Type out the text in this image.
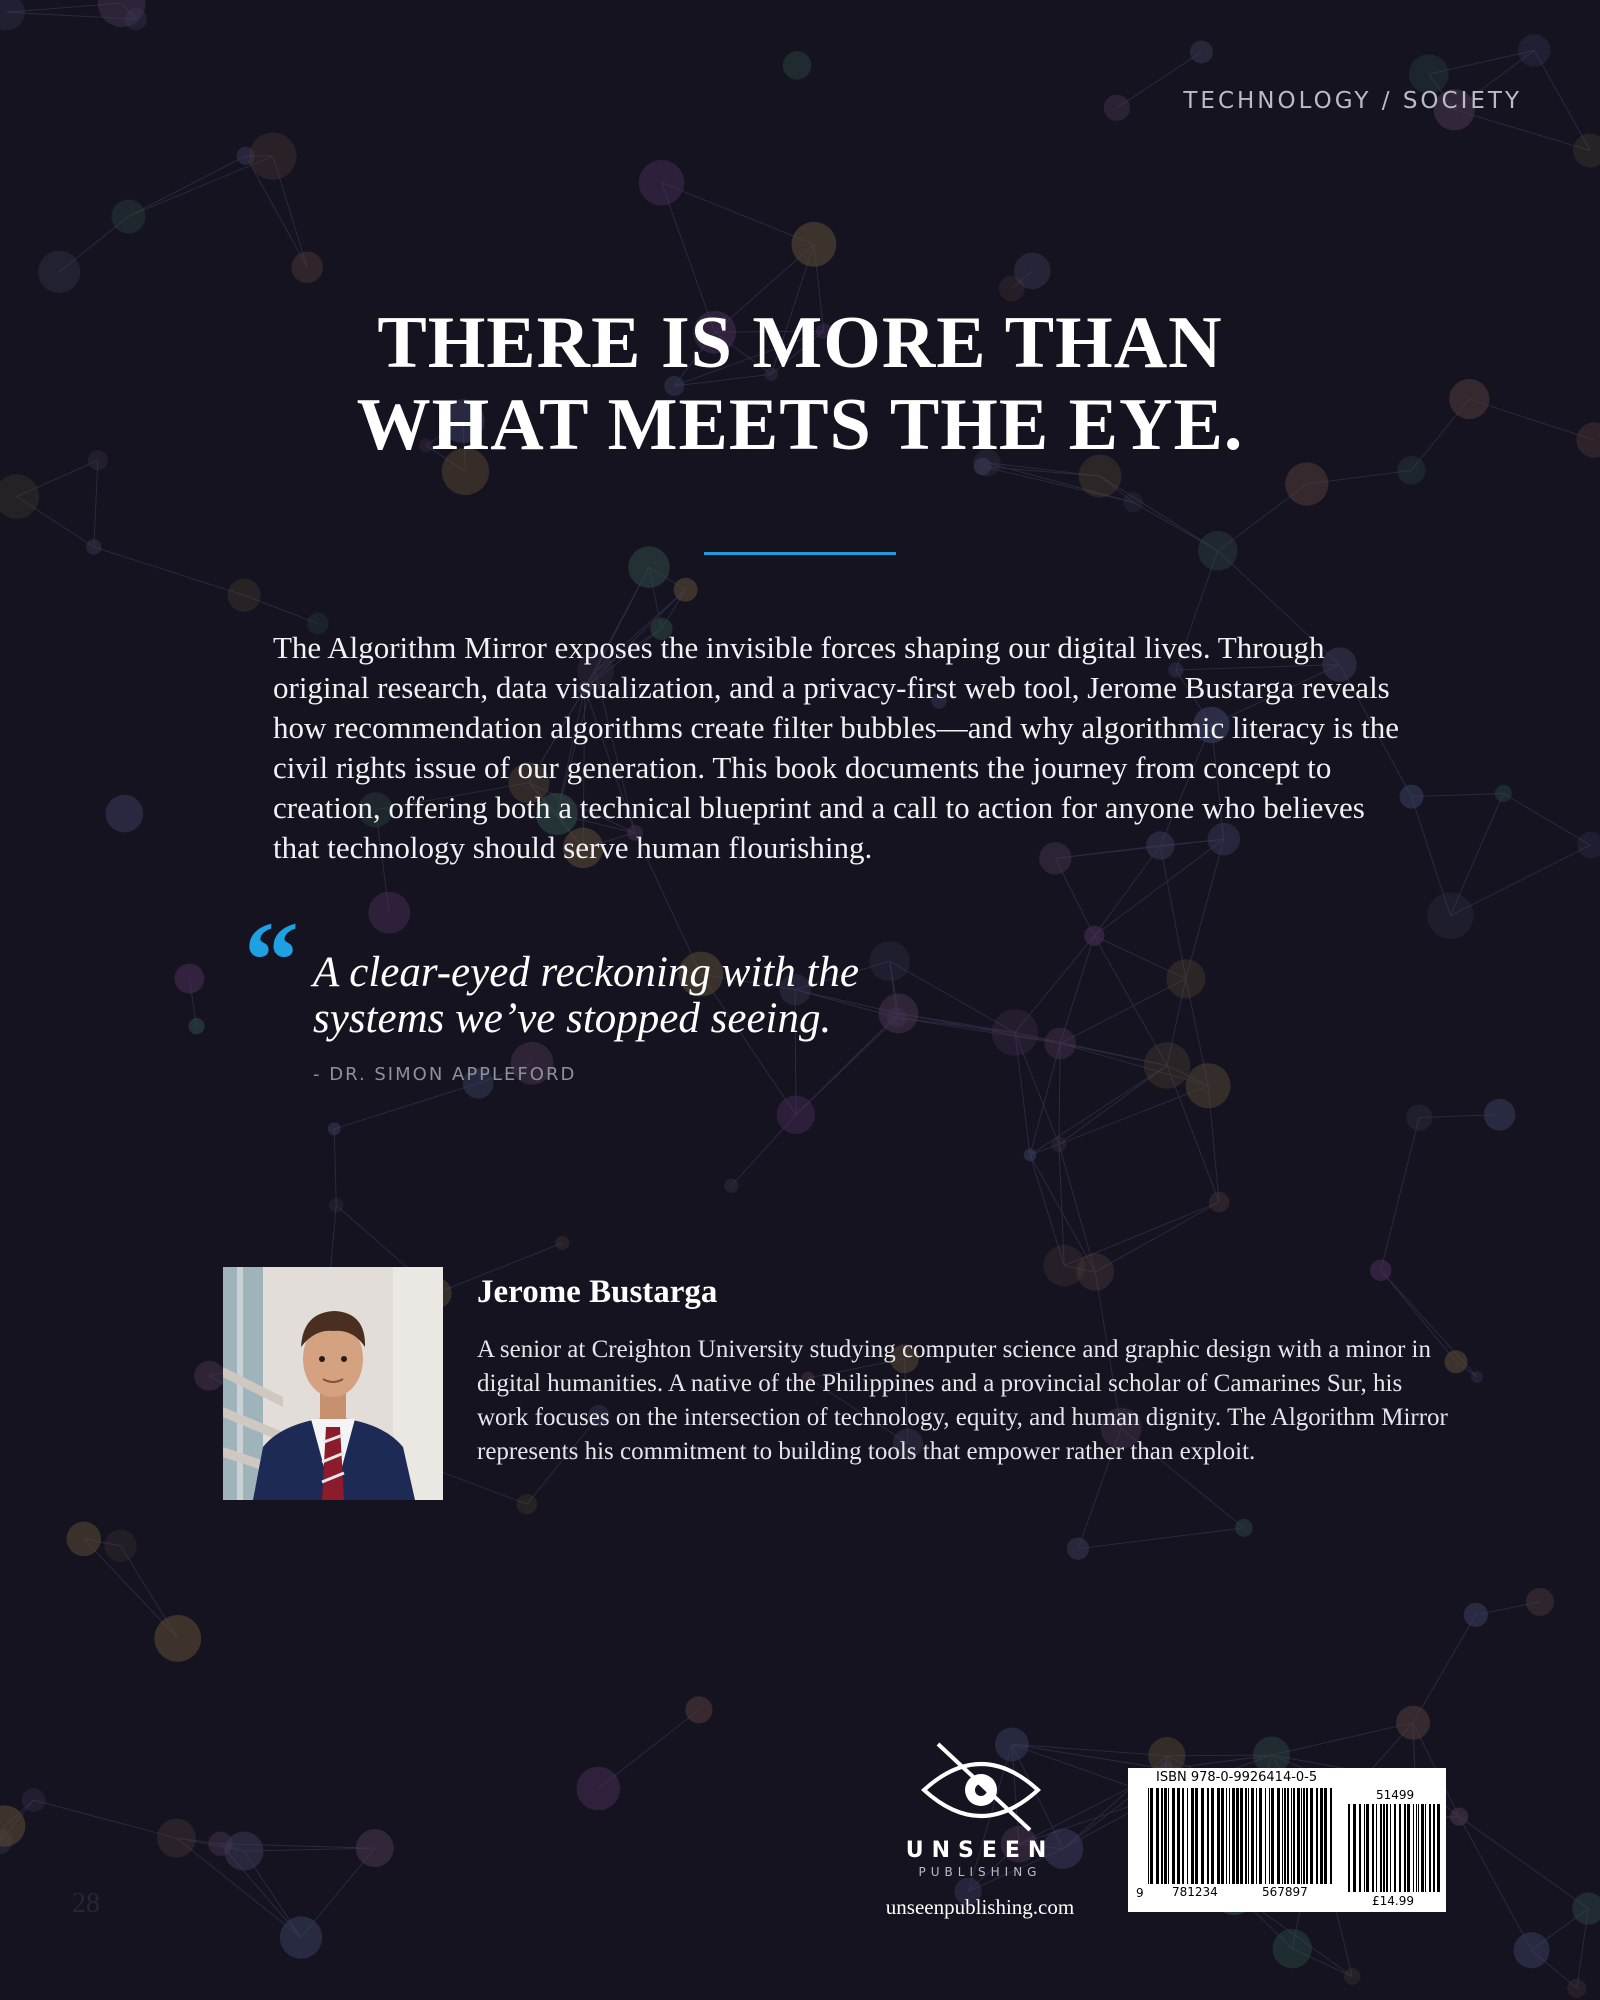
TECHNOLOGY / SOCIETY
THERE IS MORE THAN
WHAT MEETS THE EYE.
The Algorithm Mirror exposes the invisible forces shaping our digital lives. Through original research, data visualization, and a privacy-first web tool, Jerome Bustarga reveals how recommendation algorithms create filter bubbles—and why algorithmic literacy is the civil rights issue of our generation. This book documents the journey from concept to creation, offering both a technical blueprint and a call to action for anyone who believes that technology should serve human flourishing.
“ A clear-eyed reckoning with the
systems we’ve stopped seeing.
- DR. SIMON APPLEFORD
Jerome Bustarga
A senior at Creighton University studying computer science and graphic design with a minor in digital humanities. A native of the Philippines and a provincial scholar of Camarines Sur, his work focuses on the intersection of technology, equity, and human dignity. The Algorithm Mirror represents his commitment to building tools that empower rather than exploit.
UNSEEN
PUBLISHING
unseenpublishing.com
ISBN 978-0-9926414-0-5
51499
9 781234	567897
£14.99
28
